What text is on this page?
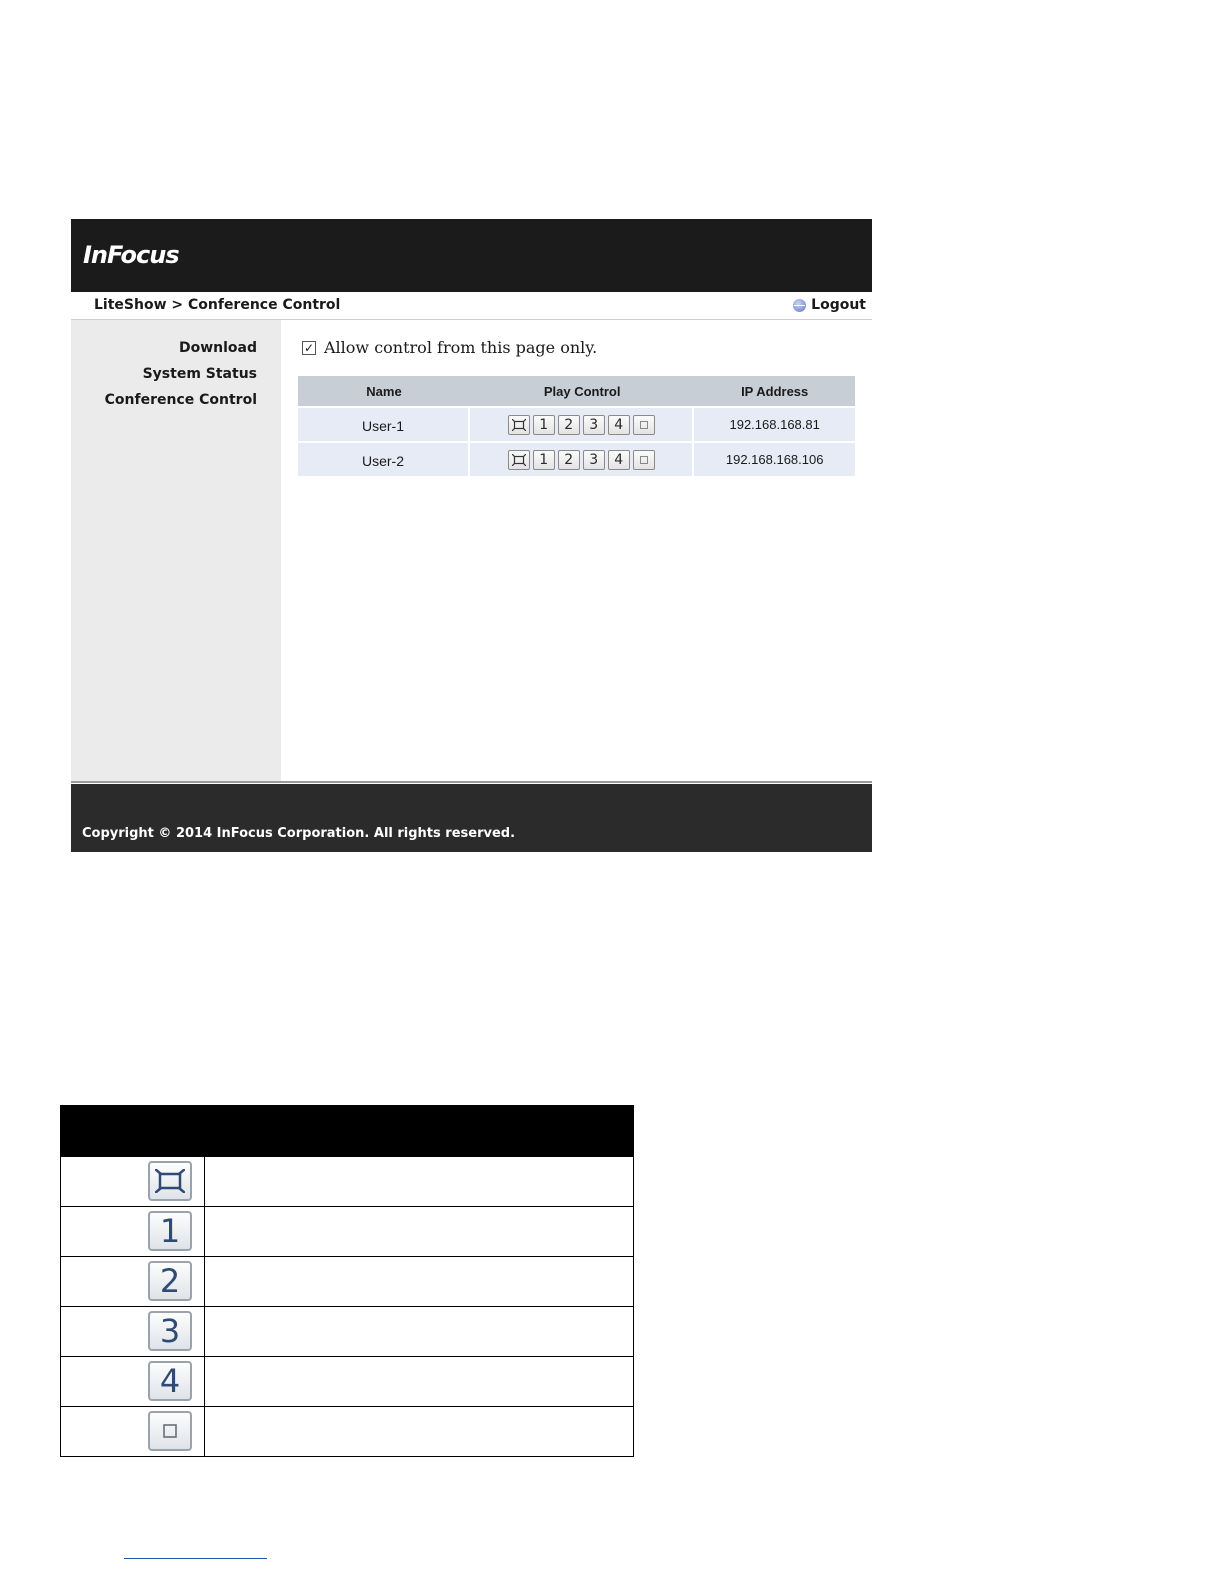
InFocus
LiteShow > Conference Control	Logout
Download
System Status
Conference Control
✓ Allow control from this page only.
Name	Play Control	IP Address
User-1	1 2 3 4	192.168.168.81
User-2	1 2 3 4	192.168.168.106
Copyright © 2014 InFocus Corporation. All rights reserved.

1	

2	

3	

4	
